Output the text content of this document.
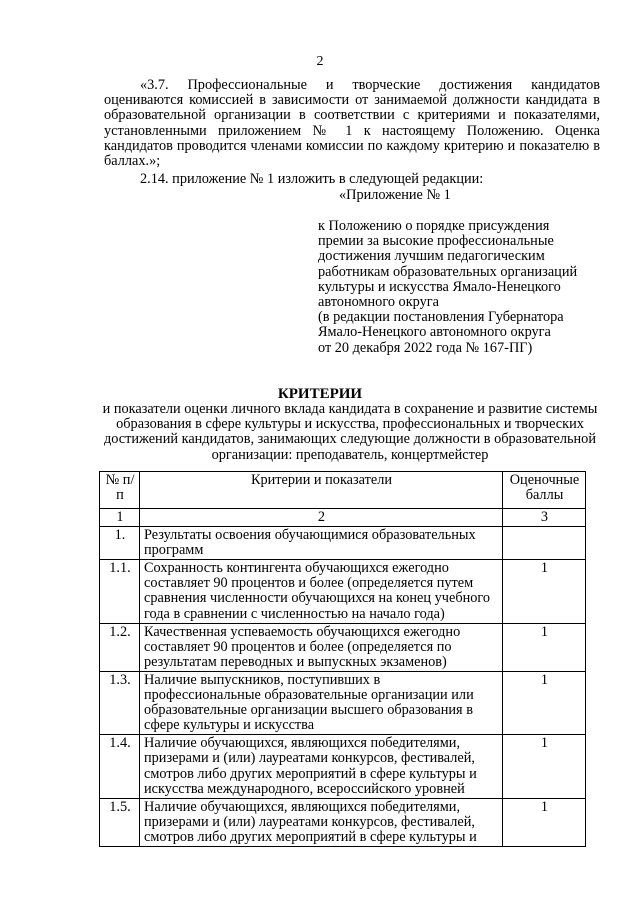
2
«3.7. Профессиональные и творческие достижения кандидатов оцениваются комиссией в зависимости от занимаемой должности кандидата в образовательной организации в соответствии с критериями и показателями, установленными приложением № 1 к настоящему Положению. Оценка кандидатов проводится членами комиссии по каждому критерию и показателю в баллах.»;
2.14. приложение № 1 изложить в следующей редакции:
«Приложение № 1
к Положению о порядке присуждения
премии за высокие профессиональные
достижения лучшим педагогическим
работникам образовательных организаций
культуры и искусства Ямало-Ненецкого
автономного округа
(в редакции постановления Губернатора
Ямало-Ненецкого автономного округа
от 20 декабря 2022 года № 167-ПГ)
КРИТЕРИИ
и показатели оценки личного вклада кандидата в сохранение и развитие системы образования в сфере культуры и искусства, профессиональных и творческих достижений кандидатов, занимающих следующие должности в образовательной организации: преподаватель, концертмейстер
№ п/п	Критерии и показатели	Оценочные баллы
1	2	3
1.	Результаты освоения обучающимися образовательных программ	
1.1.	Сохранность контингента обучающихся ежегодно составляет 90 процентов и более (определяется путем сравнения численности обучающихся на конец учебного года в сравнении с численностью на начало года)	1
1.2.	Качественная успеваемость обучающихся ежегодно составляет 90 процентов и более (определяется по результатам переводных и выпускных экзаменов)	1
1.3.	Наличие выпускников, поступивших в профессиональные образовательные организации или образовательные организации высшего образования в сфере культуры и искусства	1
1.4.	Наличие обучающихся, являющихся победителями, призерами и (или) лауреатами конкурсов, фестивалей, смотров либо других мероприятий в сфере культуры и искусства международного, всероссийского уровней	1
1.5.	Наличие обучающихся, являющихся победителями, призерами и (или) лауреатами конкурсов, фестивалей, смотров либо других мероприятий в сфере культуры и	1
